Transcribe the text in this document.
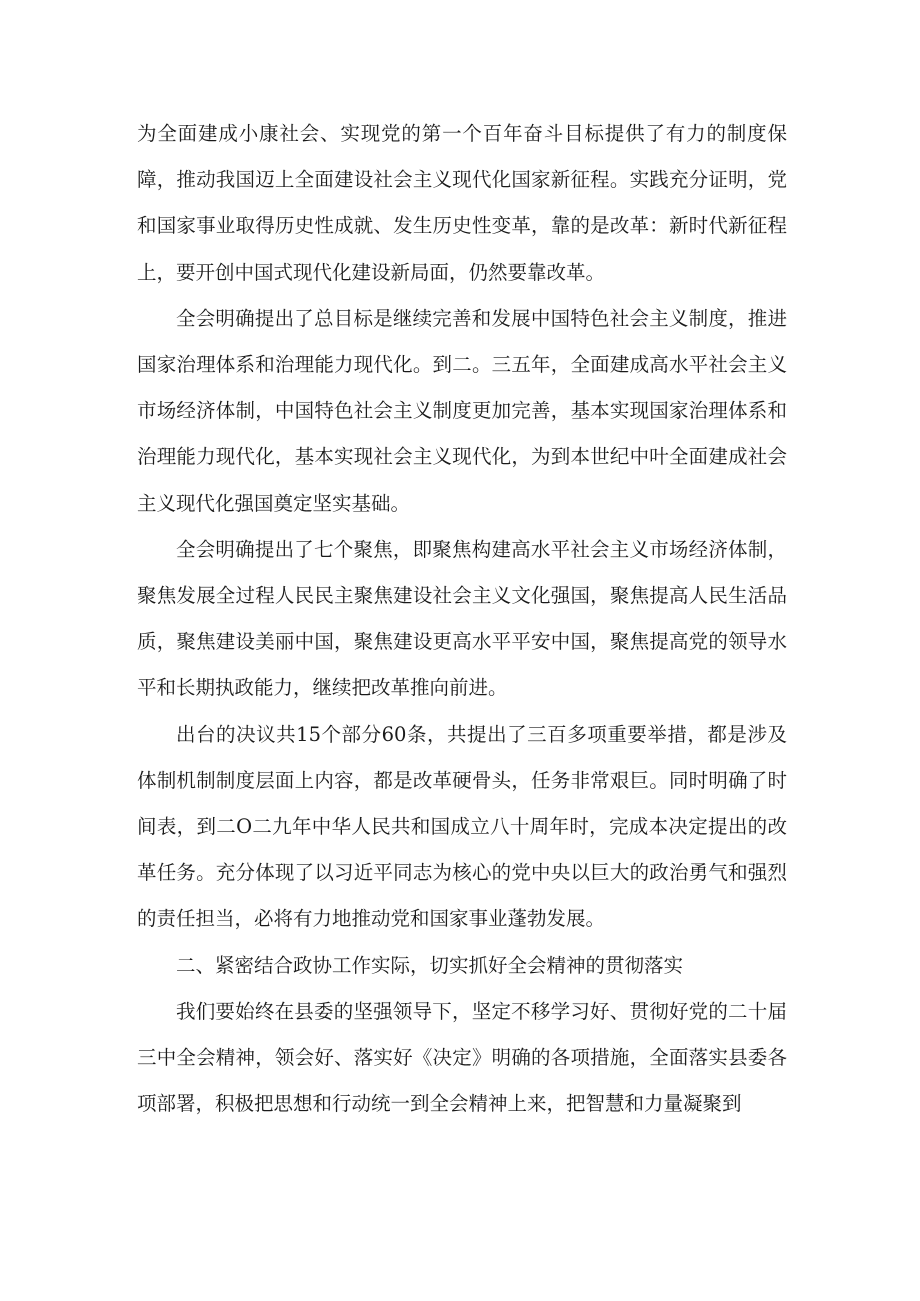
为全面建成小康社会、实现党的第一个百年奋斗目标提供了有力的制度保障，推动我国迈上全面建设社会主义现代化国家新征程。实践充分证明，党和国家事业取得历史性成就、发生历史性变革，靠的是改革：新时代新征程上，要开创中国式现代化建设新局面，仍然要靠改革。

全会明确提出了总目标是继续完善和发展中国特色社会主义制度，推进国家治理体系和治理能力现代化。到二。三五年，全面建成高水平社会主义市场经济体制，中国特色社会主义制度更加完善，基本实现国家治理体系和治理能力现代化，基本实现社会主义现代化，为到本世纪中叶全面建成社会主义现代化强国奠定坚实基础。

全会明确提出了七个聚焦，即聚焦构建高水平社会主义市场经济体制，聚焦发展全过程人民民主聚焦建设社会主义文化强国，聚焦提高人民生活品质，聚焦建设美丽中国，聚焦建设更高水平平安中国，聚焦提高党的领导水平和长期执政能力，继续把改革推向前进。

出台的决议共15个部分60条，共提出了三百多项重要举措，都是涉及体制机制制度层面上内容，都是改革硬骨头，任务非常艰巨。同时明确了时间表，到二O二九年中华人民共和国成立八十周年时，完成本决定提出的改革任务。充分体现了以习近平同志为核心的党中央以巨大的政治勇气和强烈的责任担当，必将有力地推动党和国家事业蓬勃发展。

二、紧密结合政协工作实际，切实抓好全会精神的贯彻落实

我们要始终在县委的坚强领导下，坚定不移学习好、贯彻好党的二十届三中全会精神，领会好、落实好《决定》明确的各项措施，全面落实县委各项部署，积极把思想和行动统一到全会精神上来，把智慧和力量凝聚到
